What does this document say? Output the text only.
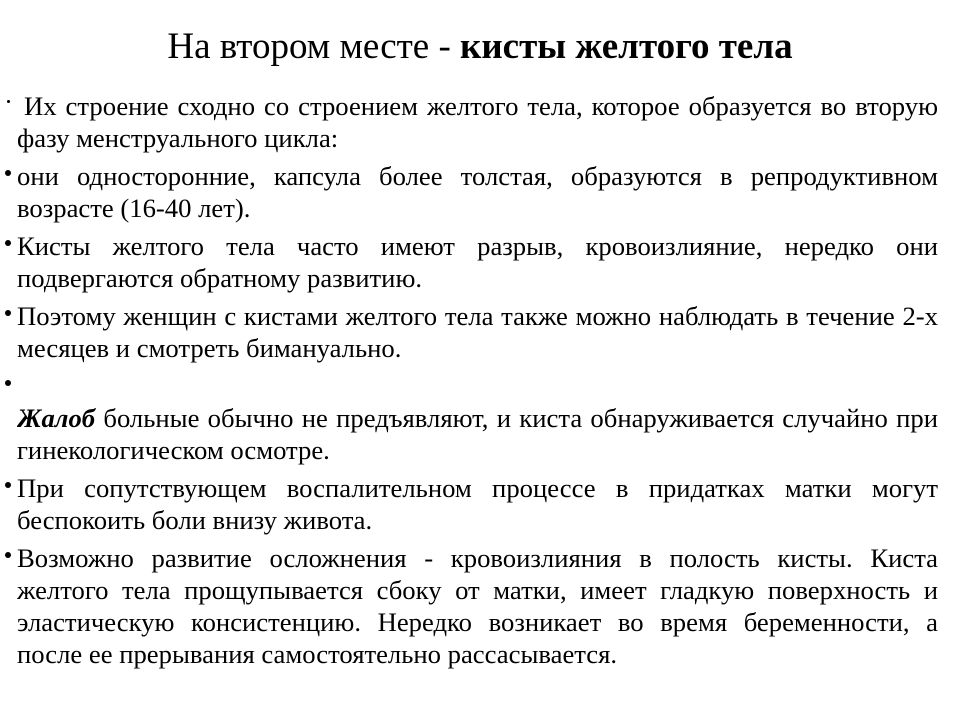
На втором месте - кисты желтого тела
Их строение сходно со строением желтого тела, которое образуется во вторую
фазу менструального цикла:
они односторонние, капсула более толстая, образуются в репродуктивном
возрасте (16-40 лет).
Кисты желтого тела часто имеют разрыв, кровоизлияние, нередко они
подвергаются обратному развитию.
Поэтому женщин с кистами желтого тела также можно наблюдать в течение 2-х
месяцев и смотреть бимануально.
Жалоб больные обычно не предъявляют, и киста обнаруживается случайно при
гинекологическом осмотре.
При сопутствующем воспалительном процессе в придатках матки могут
беспокоить боли внизу живота.
Возможно развитие осложнения - кровоизлияния в полость кисты. Киста
желтого тела прощупывается сбоку от матки, имеет гладкую поверхность и
эластическую консистенцию. Нередко возникает во время беременности, а
после ее прерывания самостоятельно рассасывается.
